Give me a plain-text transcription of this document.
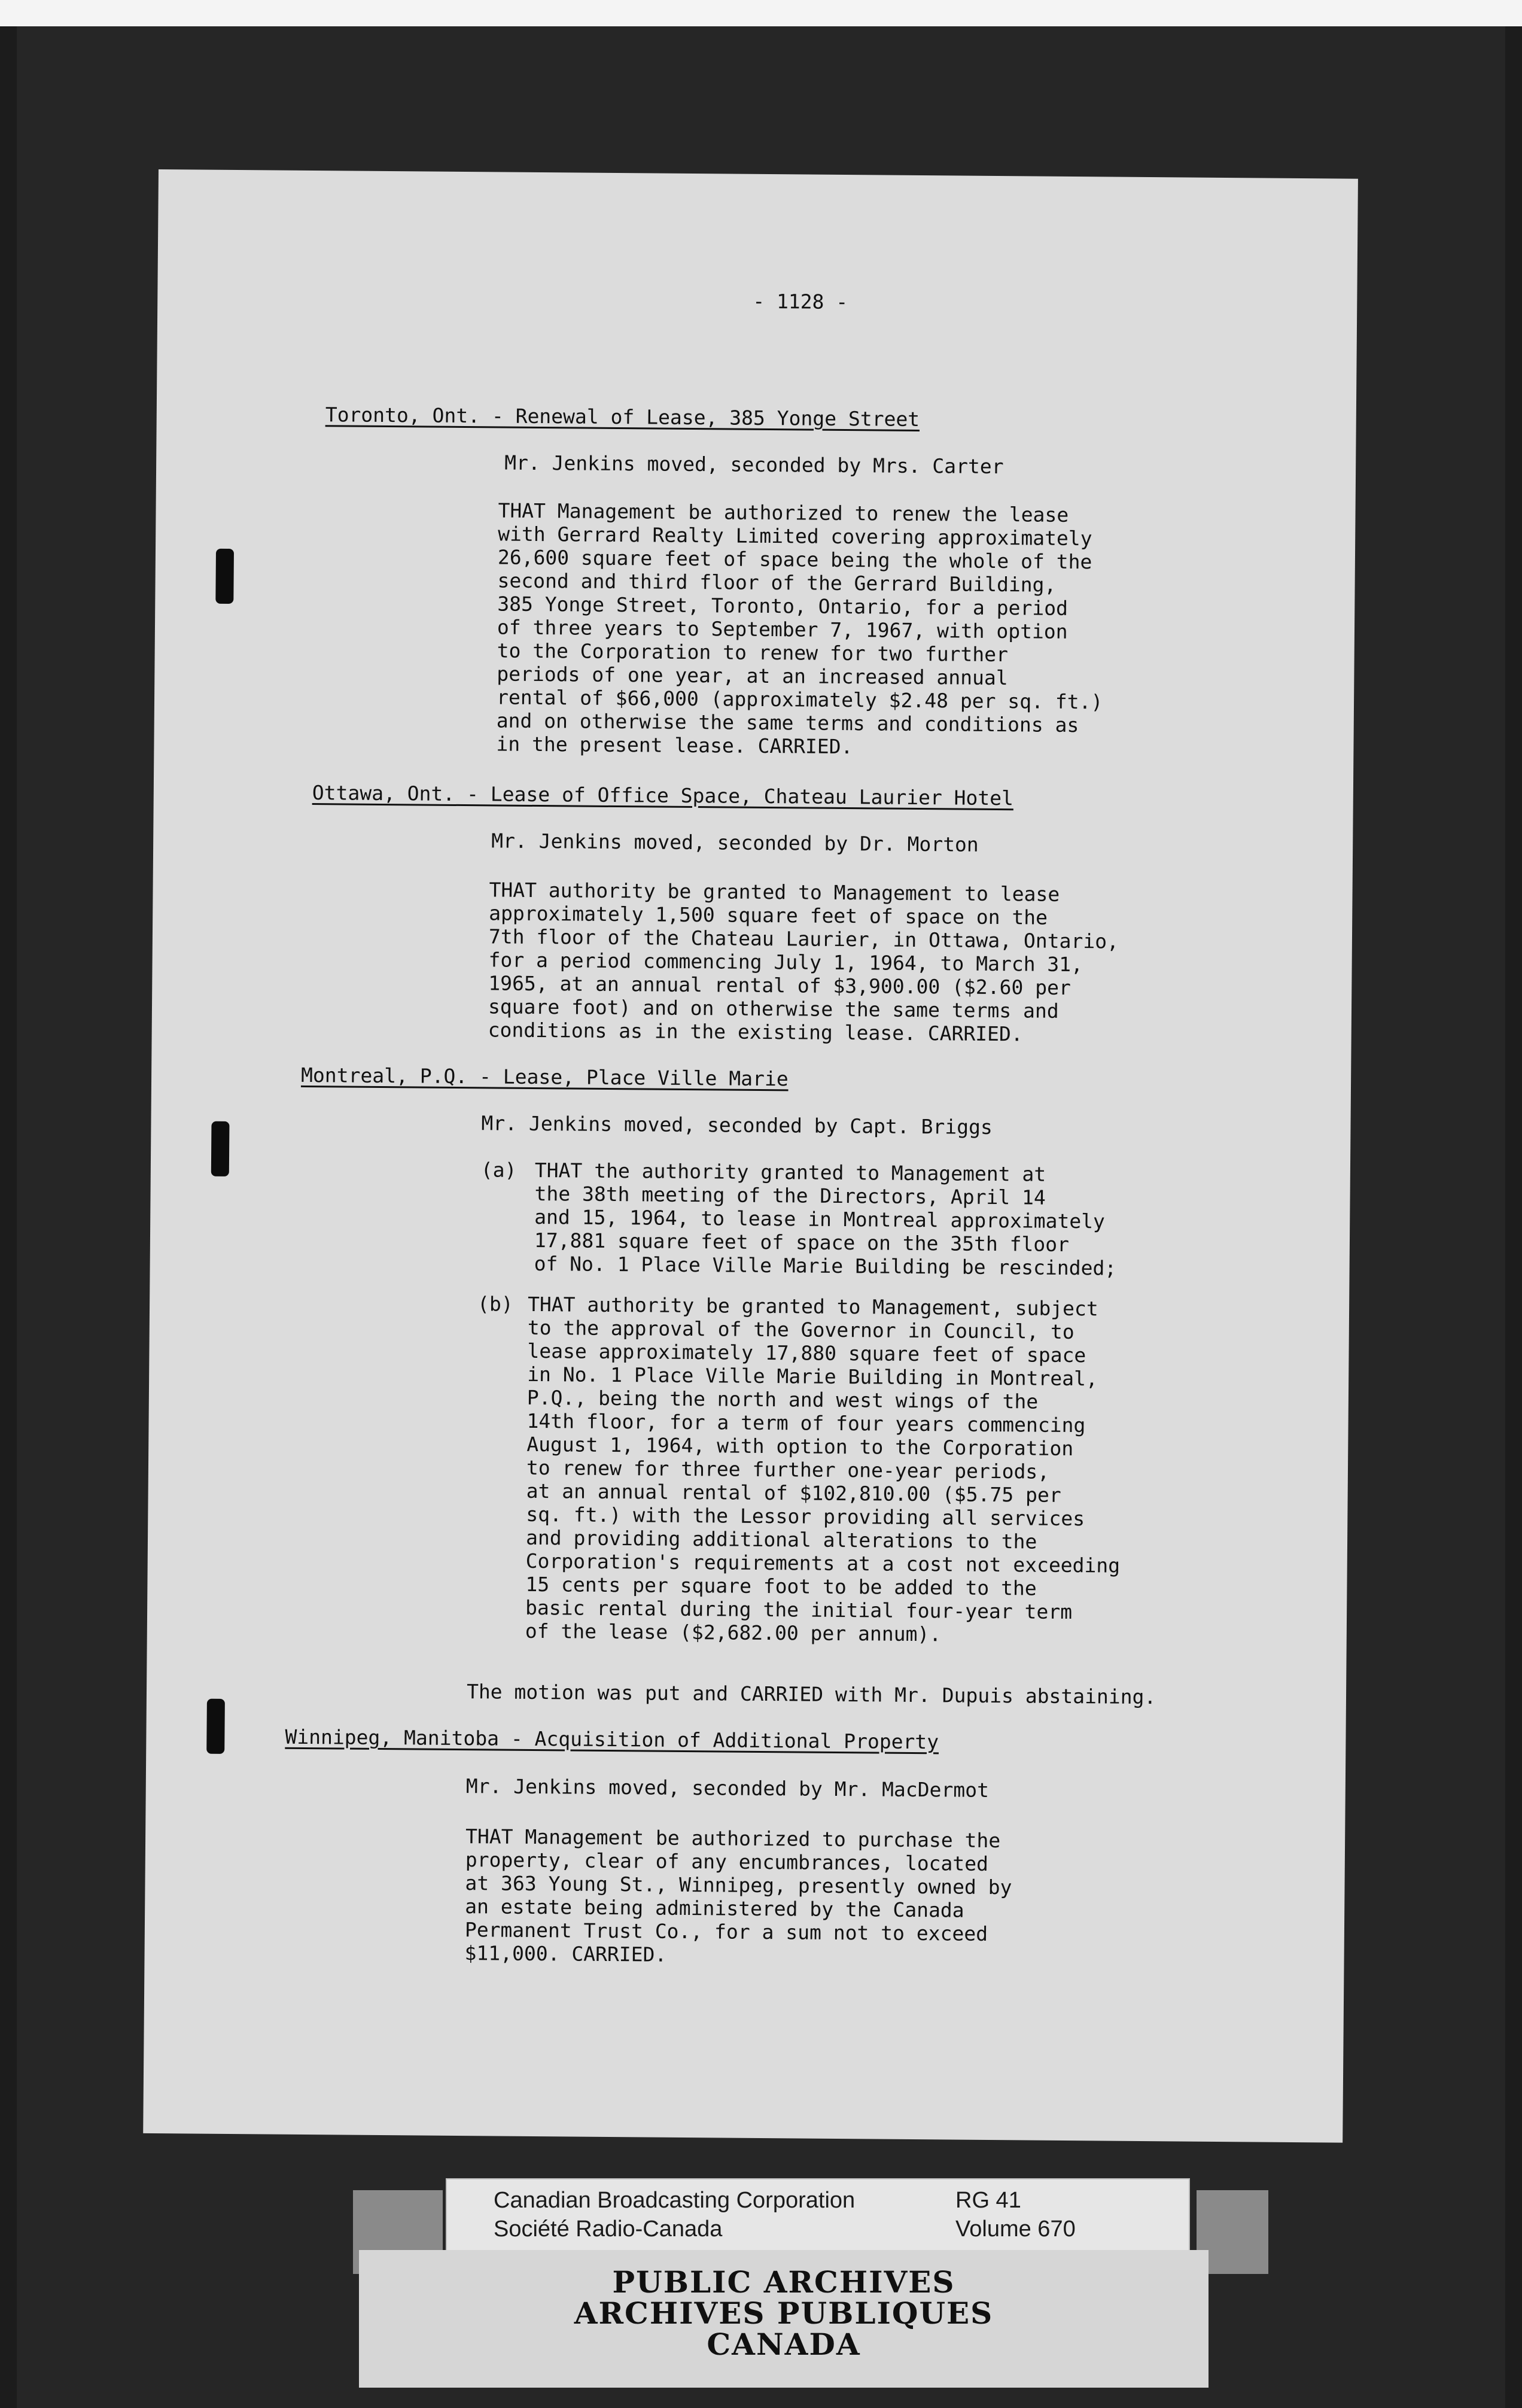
- 1128 -
Toronto, Ont. - Renewal of Lease, 385 Yonge Street
Mr. Jenkins moved, seconded by Mrs. Carter
THAT Management be authorized to renew the lease
with Gerrard Realty Limited covering approximately
26,600 square feet of space being the whole of the
second and third floor of the Gerrard Building,
385 Yonge Street, Toronto, Ontario, for a period
of three years to September 7, 1967, with option
to the Corporation to renew for two further
periods of one year, at an increased annual
rental of $66,000 (approximately $2.48 per sq. ft.)
and on otherwise the same terms and conditions as
in the present lease. CARRIED.
Ottawa, Ont. - Lease of Office Space, Chateau Laurier Hotel
Mr. Jenkins moved, seconded by Dr. Morton
THAT authority be granted to Management to lease
approximately 1,500 square feet of space on the
7th floor of the Chateau Laurier, in Ottawa, Ontario,
for a period commencing July 1, 1964, to March 31,
1965, at an annual rental of $3,900.00 ($2.60 per
square foot) and on otherwise the same terms and
conditions as in the existing lease. CARRIED.
Montreal, P.Q. - Lease, Place Ville Marie
Mr. Jenkins moved, seconded by Capt. Briggs
(a) THAT the authority granted to Management at
the 38th meeting of the Directors, April 14
and 15, 1964, to lease in Montreal approximately
17,881 square feet of space on the 35th floor
of No. 1 Place Ville Marie Building be rescinded;
(b) THAT authority be granted to Management, subject
to the approval of the Governor in Council, to
lease approximately 17,880 square feet of space
in No. 1 Place Ville Marie Building in Montreal,
P.Q., being the north and west wings of the
14th floor, for a term of four years commencing
August 1, 1964, with option to the Corporation
to renew for three further one-year periods,
at an annual rental of $102,810.00 ($5.75 per
sq. ft.) with the Lessor providing all services
and providing additional alterations to the
Corporation's requirements at a cost not exceeding
15 cents per square foot to be added to the
basic rental during the initial four-year term
of the lease ($2,682.00 per annum).
The motion was put and CARRIED with Mr. Dupuis abstaining.
Winnipeg, Manitoba - Acquisition of Additional Property
Mr. Jenkins moved, seconded by Mr. MacDermot
THAT Management be authorized to purchase the
property, clear of any encumbrances, located
at 363 Young St., Winnipeg, presently owned by
an estate being administered by the Canada
Permanent Trust Co., for a sum not to exceed
$11,000. CARRIED.
Canadian Broadcasting Corporation
Société Radio-Canada
RG 41
Volume 670
PUBLIC ARCHIVES
ARCHIVES PUBLIQUES
CANADA
